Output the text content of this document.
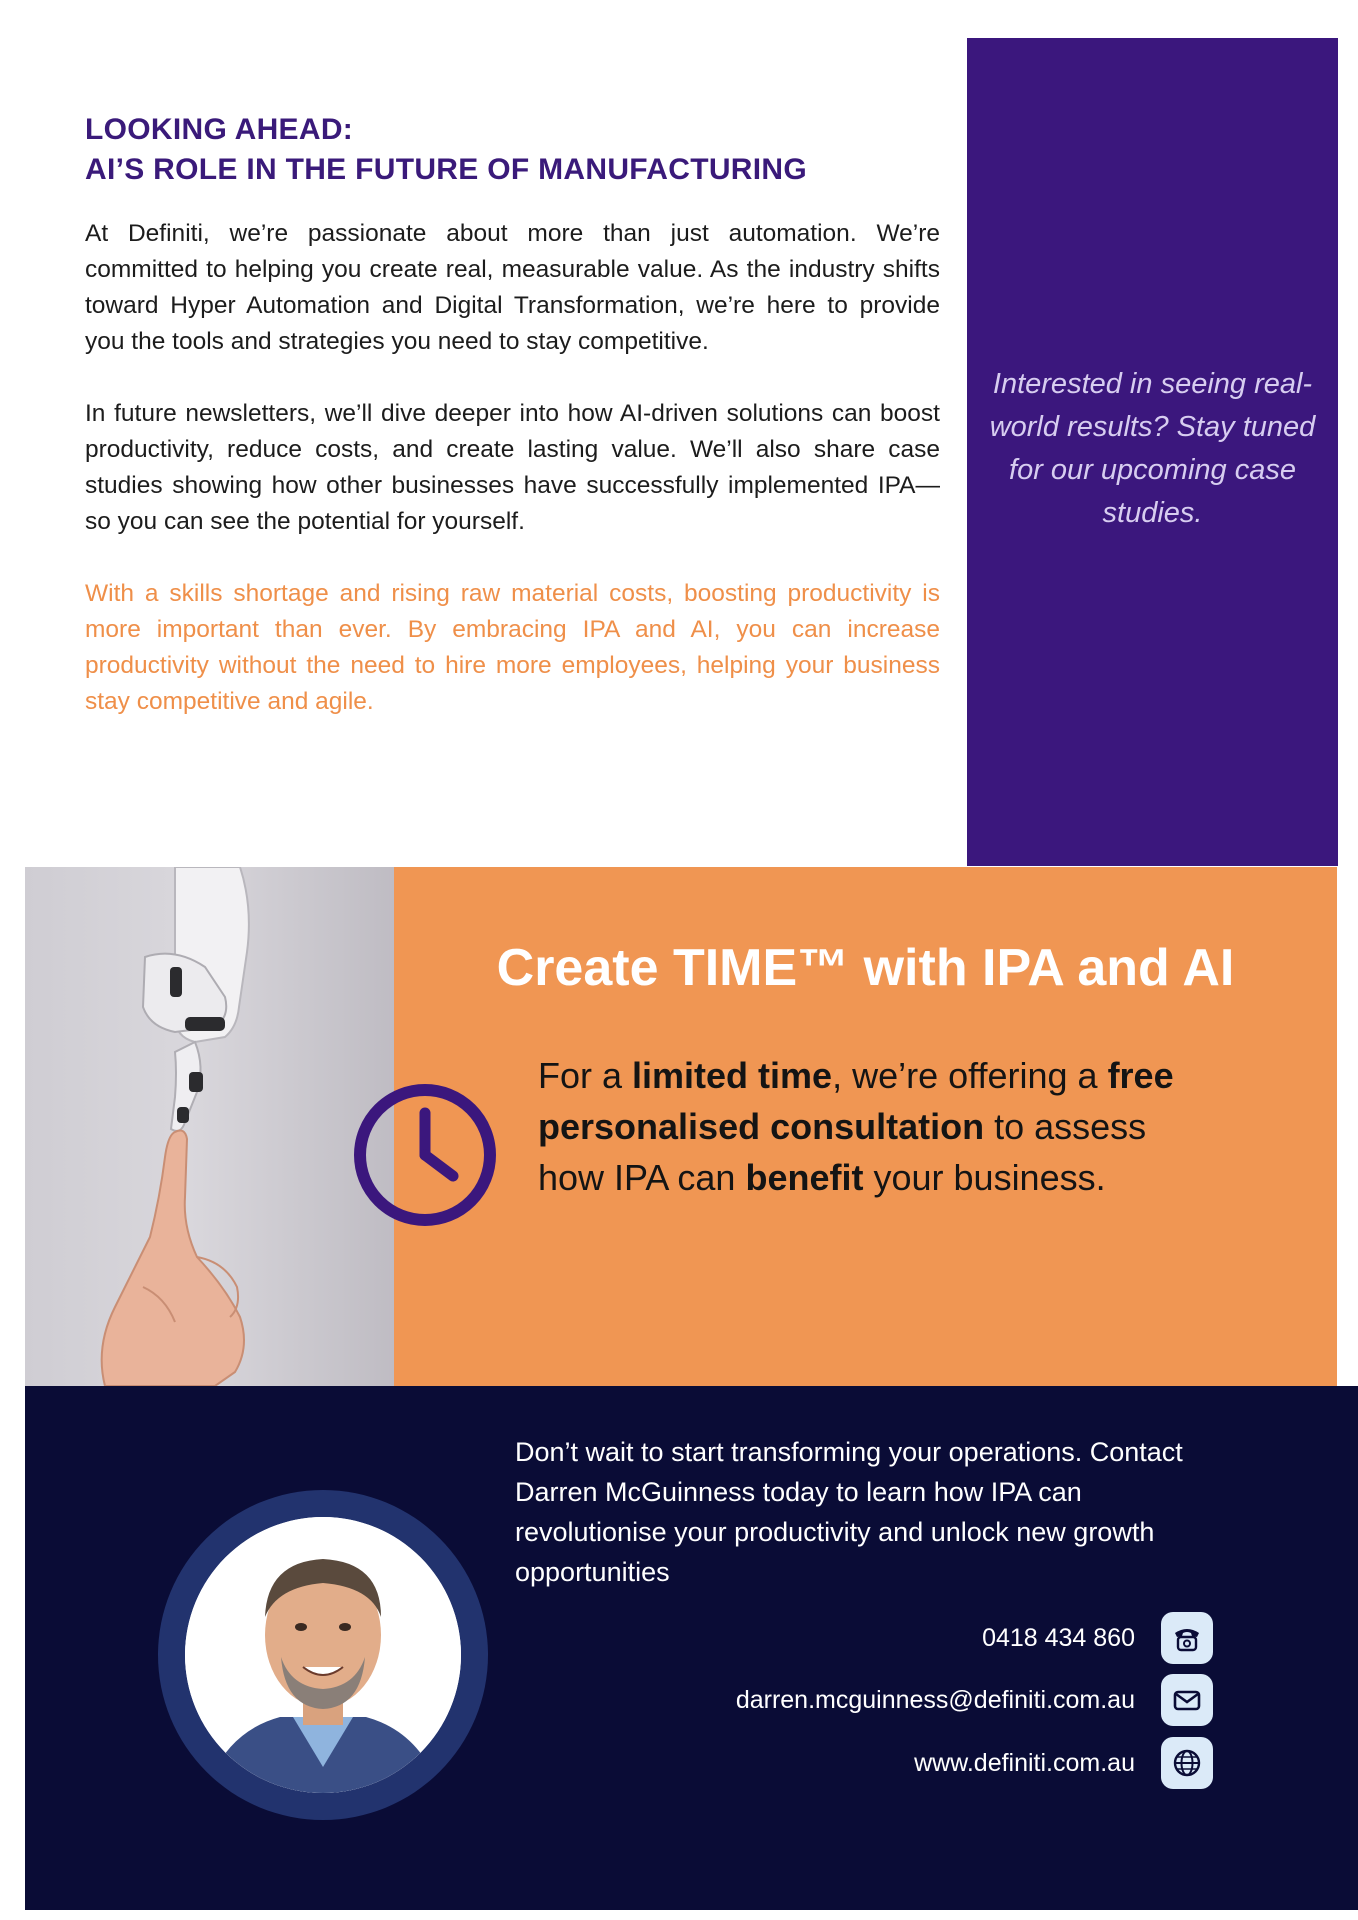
LOOKING AHEAD:
AI’S ROLE IN THE FUTURE OF MANUFACTURING

At Definiti, we’re passionate about more than just automation. We’re committed to helping you create real, measurable value. As the industry shifts toward Hyper Automation and Digital Transformation, we’re here to provide you the tools and strategies you need to stay competitive.

In future newsletters, we’ll dive deeper into how AI-driven solutions can boost productivity, reduce costs, and create lasting value. We’ll also share case studies showing how other businesses have successfully implemented IPA—so you can see the potential for yourself.

With a skills shortage and rising raw material costs, boosting productivity is more important than ever. By embracing IPA and AI, you can increase productivity without the need to hire more employees, helping your business stay competitive and agile.

Interested in seeing real-world results? Stay tuned for our upcoming case studies.

Create TIME™ with IPA and AI

For a limited time, we’re offering a free personalised consultation to assess how IPA can benefit your business.

Don’t wait to start transforming your operations. Contact Darren McGuinness today to learn how IPA can revolutionise your productivity and unlock new growth opportunities

0418 434 860
darren.mcguinness@definiti.com.au
www.definiti.com.au
